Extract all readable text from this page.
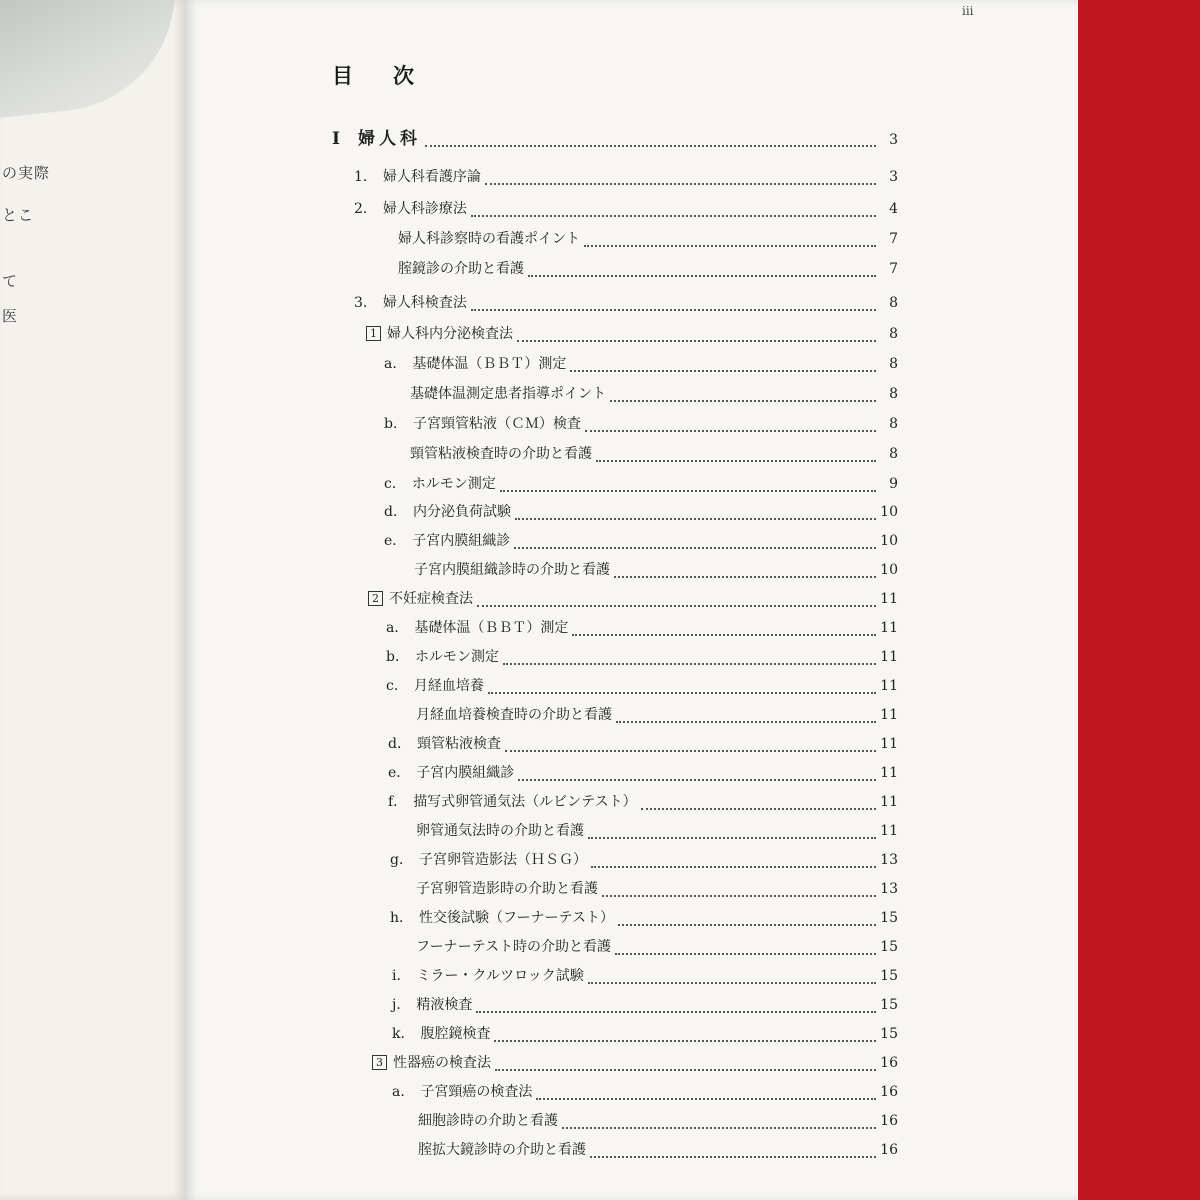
の実際
とこ
て
医
iii
目 次
I 婦人科	3
1． 婦人科看護序論	3
2． 婦人科診療法	4
婦人科診察時の看護ポイント	7
腟鏡診の介助と看護	7
3． 婦人科検査法	8
1 婦人科内分泌検査法	8
a． 基礎体温（ＢＢＴ）測定	8
基礎体温測定患者指導ポイント	8
b． 子宮頸管粘液（ＣＭ）検査	8
頸管粘液検査時の介助と看護	8
c． ホルモン測定	9
d． 内分泌負荷試験	10
e． 子宮内膜組織診	10
子宮内膜組織診時の介助と看護	10
2 不妊症検査法	11
a． 基礎体温（ＢＢＴ）測定	11
b． ホルモン測定	11
c． 月経血培養	11
月経血培養検査時の介助と看護	11
d． 頸管粘液検査	11
e． 子宮内膜組織診	11
f． 描写式卵管通気法（ルビンテスト）	11
卵管通気法時の介助と看護	11
g． 子宮卵管造影法（ＨＳＧ）	13
子宮卵管造影時の介助と看護	13
h． 性交後試験（フーナーテスト）	15
フーナーテスト時の介助と看護	15
i． ミラー・クルツロック試験	15
j． 精液検査	15
k． 腹腔鏡検査	15
3 性器癌の検査法	16
a． 子宮頸癌の検査法	16
細胞診時の介助と看護	16
腟拡大鏡診時の介助と看護	16
